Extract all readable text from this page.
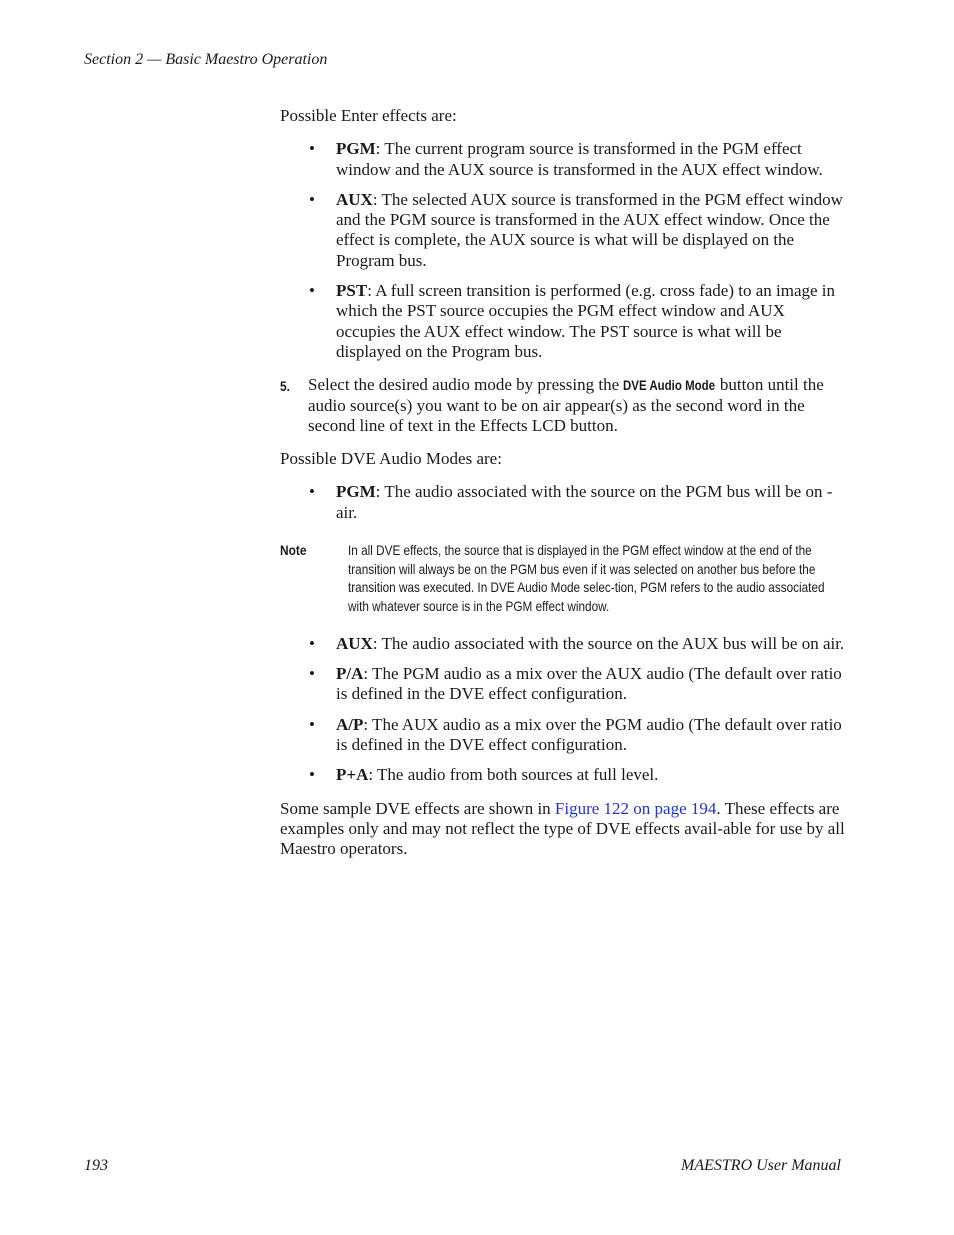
Section 2 — Basic Maestro Operation

Possible Enter effects are:

• PGM: The current program source is transformed in the PGM effect window and the AUX source is transformed in the AUX effect window.
• AUX: The selected AUX source is transformed in the PGM effect window and the PGM source is transformed in the AUX effect window. Once the effect is complete, the AUX source is what will be displayed on the Program bus.
• PST: A full screen transition is performed (e.g. cross fade) to an image in which the PST source occupies the PGM effect window and AUX occupies the AUX effect window. The PST source is what will be displayed on the Program bus.
5. Select the desired audio mode by pressing the DVE Audio Mode button until the audio source(s) you want to be on air appear(s) as the second word in the second line of text in the Effects LCD button.

Possible DVE Audio Modes are:

• PGM: The audio associated with the source on the PGM bus will be on -air.
Note	In all DVE effects, the source that is displayed in the PGM effect window at the end of the transition will always be on the PGM bus even if it was selected on another bus before the transition was executed. In DVE Audio Mode selec-tion, PGM refers to the audio associated with whatever source is in the PGM effect window.
• AUX: The audio associated with the source on the AUX bus will be on air.
• P/A: The PGM audio as a mix over the AUX audio (The default over ratio is defined in the DVE effect configuration.
• A/P: The AUX audio as a mix over the PGM audio (The default over ratio is defined in the DVE effect configuration.
• P+A: The audio from both sources at full level.

Some sample DVE effects are shown in Figure 122 on page 194. These effects are examples only and may not reflect the type of DVE effects avail-able for use by all Maestro operators.

193	MAESTRO User Manual
